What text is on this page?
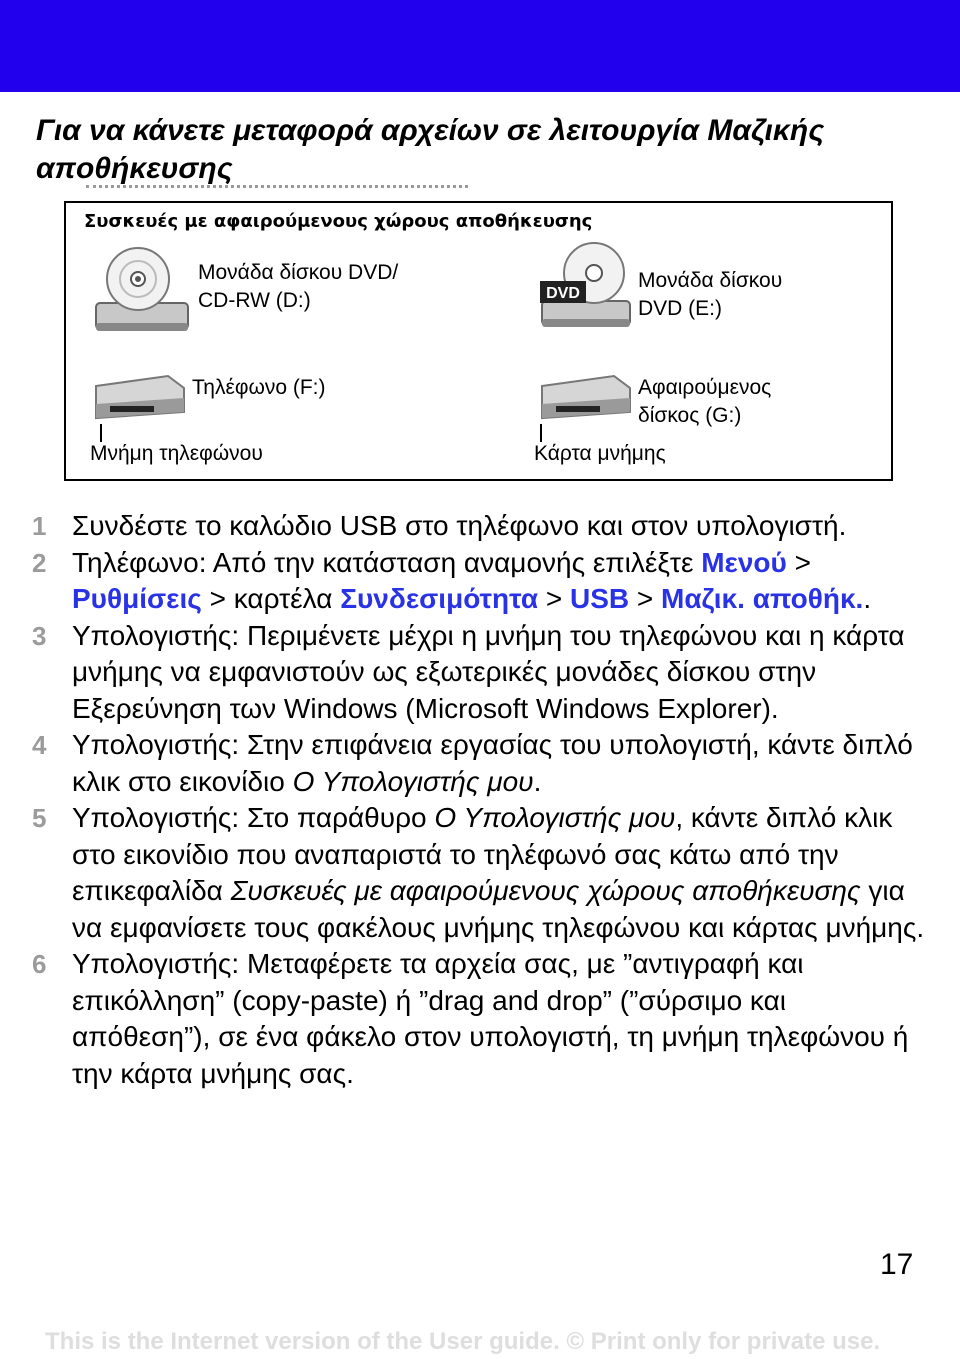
Για να κάνετε μεταφορά αρχείων σε λειτουργία Μαζικής αποθήκευσης
Συσκευές με αφαιρούμενους χώρους αποθήκευσης
Μονάδα δίσκου DVD/
CD-RW (D:)	DVD
Μονάδα δίσκου
DVD (E:)
Τηλέφωνο (F:)
Μνήμη τηλεφώνου
Αφαιρούμενος
δίσκος (G:)
Κάρτα μνήμης
1 Συνδέστε το καλώδιο USB στο τηλέφωνο και στον υπολογιστή.
2 Τηλέφωνο: Από την κατάσταση αναμονής επιλέξτε Μενού > Ρυθμίσεις > καρτέλα Συνδεσιμότητα > USB > Μαζικ. αποθήκ..
3 Υπολογιστής: Περιμένετε μέχρι η μνήμη του τηλεφώνου και η κάρτα μνήμης να εμφανιστούν ως εξωτερικές μονάδες δίσκου στην Εξερεύνηση των Windows (Microsoft Windows Explorer).
4 Υπολογιστής: Στην επιφάνεια εργασίας του υπολογιστή, κάντε διπλό κλικ στο εικονίδιο Ο Υπολογιστής μου.
5 Υπολογιστής: Στο παράθυρο Ο Υπολογιστής μου, κάντε διπλό κλικ στο εικονίδιο που αναπαριστά το τηλέφωνό σας κάτω από την επικεφαλίδα Συσκευές με αφαιρούμενους χώρους αποθήκευσης για να εμφανίσετε τους φακέλους μνήμης τηλεφώνου και κάρτας μνήμης.
6 Υπολογιστής: Μεταφέρετε τα αρχεία σας, με ”αντιγραφή και επικόλληση” (copy-paste) ή ”drag and drop” (”σύρσιμο και απόθεση”), σε ένα φάκελο στον υπολογιστή, τη μνήμη τηλεφώνου ή την κάρτα μνήμης σας.
17
This is the Internet version of the User guide. © Print only for private use.
